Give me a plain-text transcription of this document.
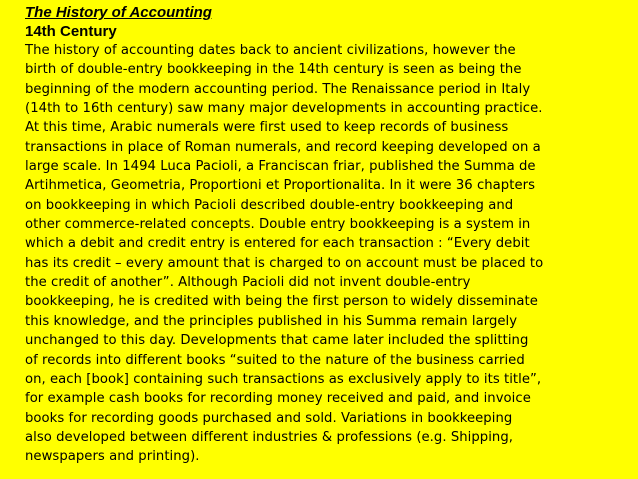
The History of Accounting
14th Century
The history of accounting dates back to ancient civilizations, however the
birth of double-entry bookkeeping in the 14th century is seen as being the
beginning of the modern accounting period. The Renaissance period in Italy
(14th to 16th century) saw many major developments in accounting practice.
At this time, Arabic numerals were first used to keep records of business
transactions in place of Roman numerals, and record keeping developed on a
large scale. In 1494 Luca Pacioli, a Franciscan friar, published the Summa de
Artihmetica, Geometria, Proportioni et Proportionalita. In it were 36 chapters
on bookkeeping in which Pacioli described double-entry bookkeeping and
other commerce-related concepts. Double entry bookkeeping is a system in
which a debit and credit entry is entered for each transaction : “Every debit
has its credit – every amount that is charged to on account must be placed to
the credit of another”. Although Pacioli did not invent double-entry
bookkeeping, he is credited with being the first person to widely disseminate
this knowledge, and the principles published in his Summa remain largely
unchanged to this day. Developments that came later included the splitting
of records into different books “suited to the nature of the business carried
on, each [book] containing such transactions as exclusively apply to its title”,
for example cash books for recording money received and paid, and invoice
books for recording goods purchased and sold. Variations in bookkeeping
also developed between different industries & professions (e.g. Shipping,
newspapers and printing).
